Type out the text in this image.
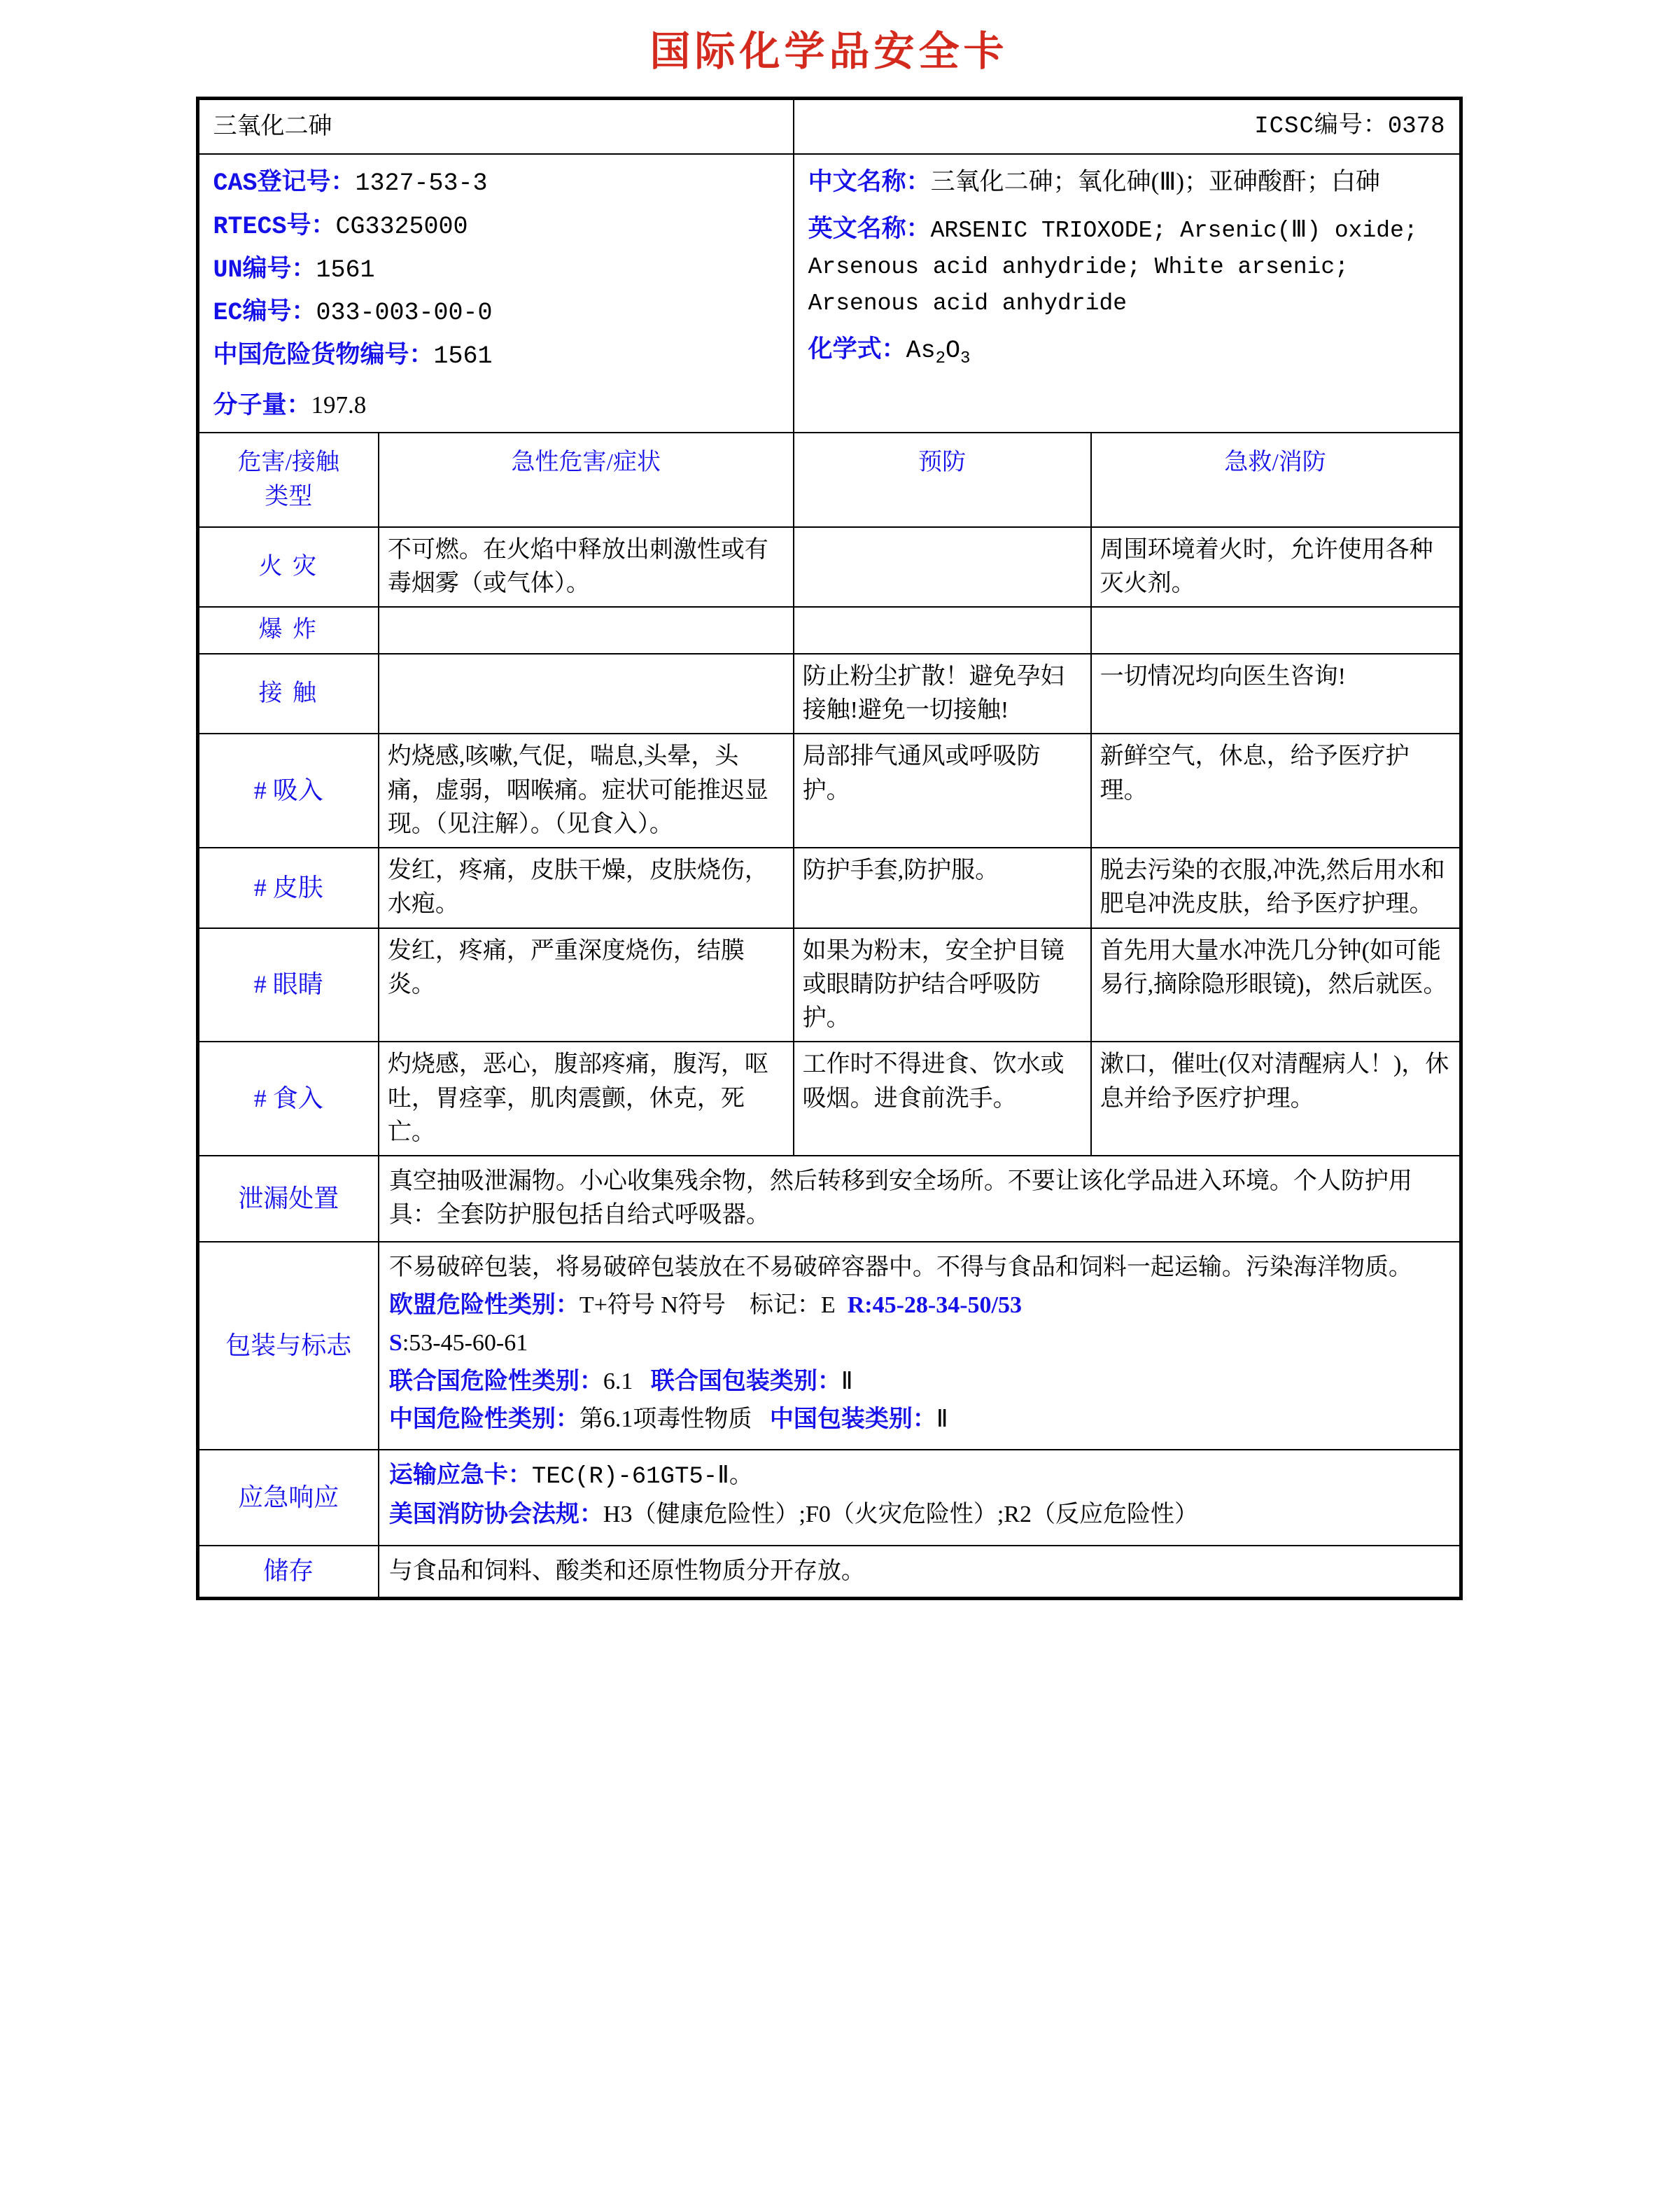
国际化学品安全卡
三氧化二砷		ICSC编号：0378	

CAS登记号：1327-53-3
RTECS号：CG3325000
UN编号：1561
EC编号：033-003-00-0
中国危险货物编号：1561
分子量：197.8

中文名称：三氧化二砷；氧化砷(Ⅲ)；亚砷酸酐；白砷
英文名称：ARSENIC TRIOXODE; Arsenic(Ⅲ) oxide; Arsenous acid anhydride; White arsenic; Arsenous acid anhydride
化学式：$As_2O_3$

危害/接触
类型	急性危害/症状	预防	急救/消防
火 灾	不可燃。在火焰中释放出刺激性或有毒烟雾（或气体）。		周围环境着火时，允许使用各种灭火剂。
爆 炸			
接 触		防止粉尘扩散！避免孕妇接触!避免一切接触!	一切情况均向医生咨询!
# 吸入	灼烧感,咳嗽,气促，喘息,头晕，头痛，虚弱，咽喉痛。症状可能推迟显现。（见注解）。（见食入）。	局部排气通风或呼吸防护。	新鲜空气，休息，给予医疗护理。
# 皮肤	发红，疼痛，皮肤干燥，皮肤烧伤，水疱。	防护手套,防护服。	脱去污染的衣服,冲洗,然后用水和肥皂冲洗皮肤，给予医疗护理。
# 眼睛	发红，疼痛，严重深度烧伤，结膜炎。	如果为粉末，安全护目镜或眼睛防护结合呼吸防护。	首先用大量水冲洗几分钟(如可能易行,摘除隐形眼镜)，然后就医。
# 食入	灼烧感，恶心，腹部疼痛，腹泻，呕吐，胃痉挛，肌肉震颤，休克，死亡。	工作时不得进食、饮水或吸烟。进食前洗手。	漱口，催吐(仅对清醒病人！)，休息并给予医疗护理。
泄漏处置	真空抽吸泄漏物。小心收集残余物，然后转移到安全场所。不要让该化学品进入环境。个人防护用具：全套防护服包括自给式呼吸器。		
包装与标志	不易破碎包装，将易破碎包装放在不易破碎容器中。不得与食品和饲料一起运输。污染海洋物质。
欧盟危险性类别：T+符号 N符号　标记：E R:45-28-34-50/53
S:53-45-60-61
联合国危险性类别：6.1 联合国包装类别：Ⅱ
中国危险性类别：第6.1项毒性物质 中国包装类别：Ⅱ		

应急响应	运输应急卡：TEC(R)-61GT5-Ⅱ。
美国消防协会法规：H3（健康危险性）;F0（火灾危险性）;R2（反应危险性）		

储存	与食品和饲料、酸类和还原性物质分开存放。		
